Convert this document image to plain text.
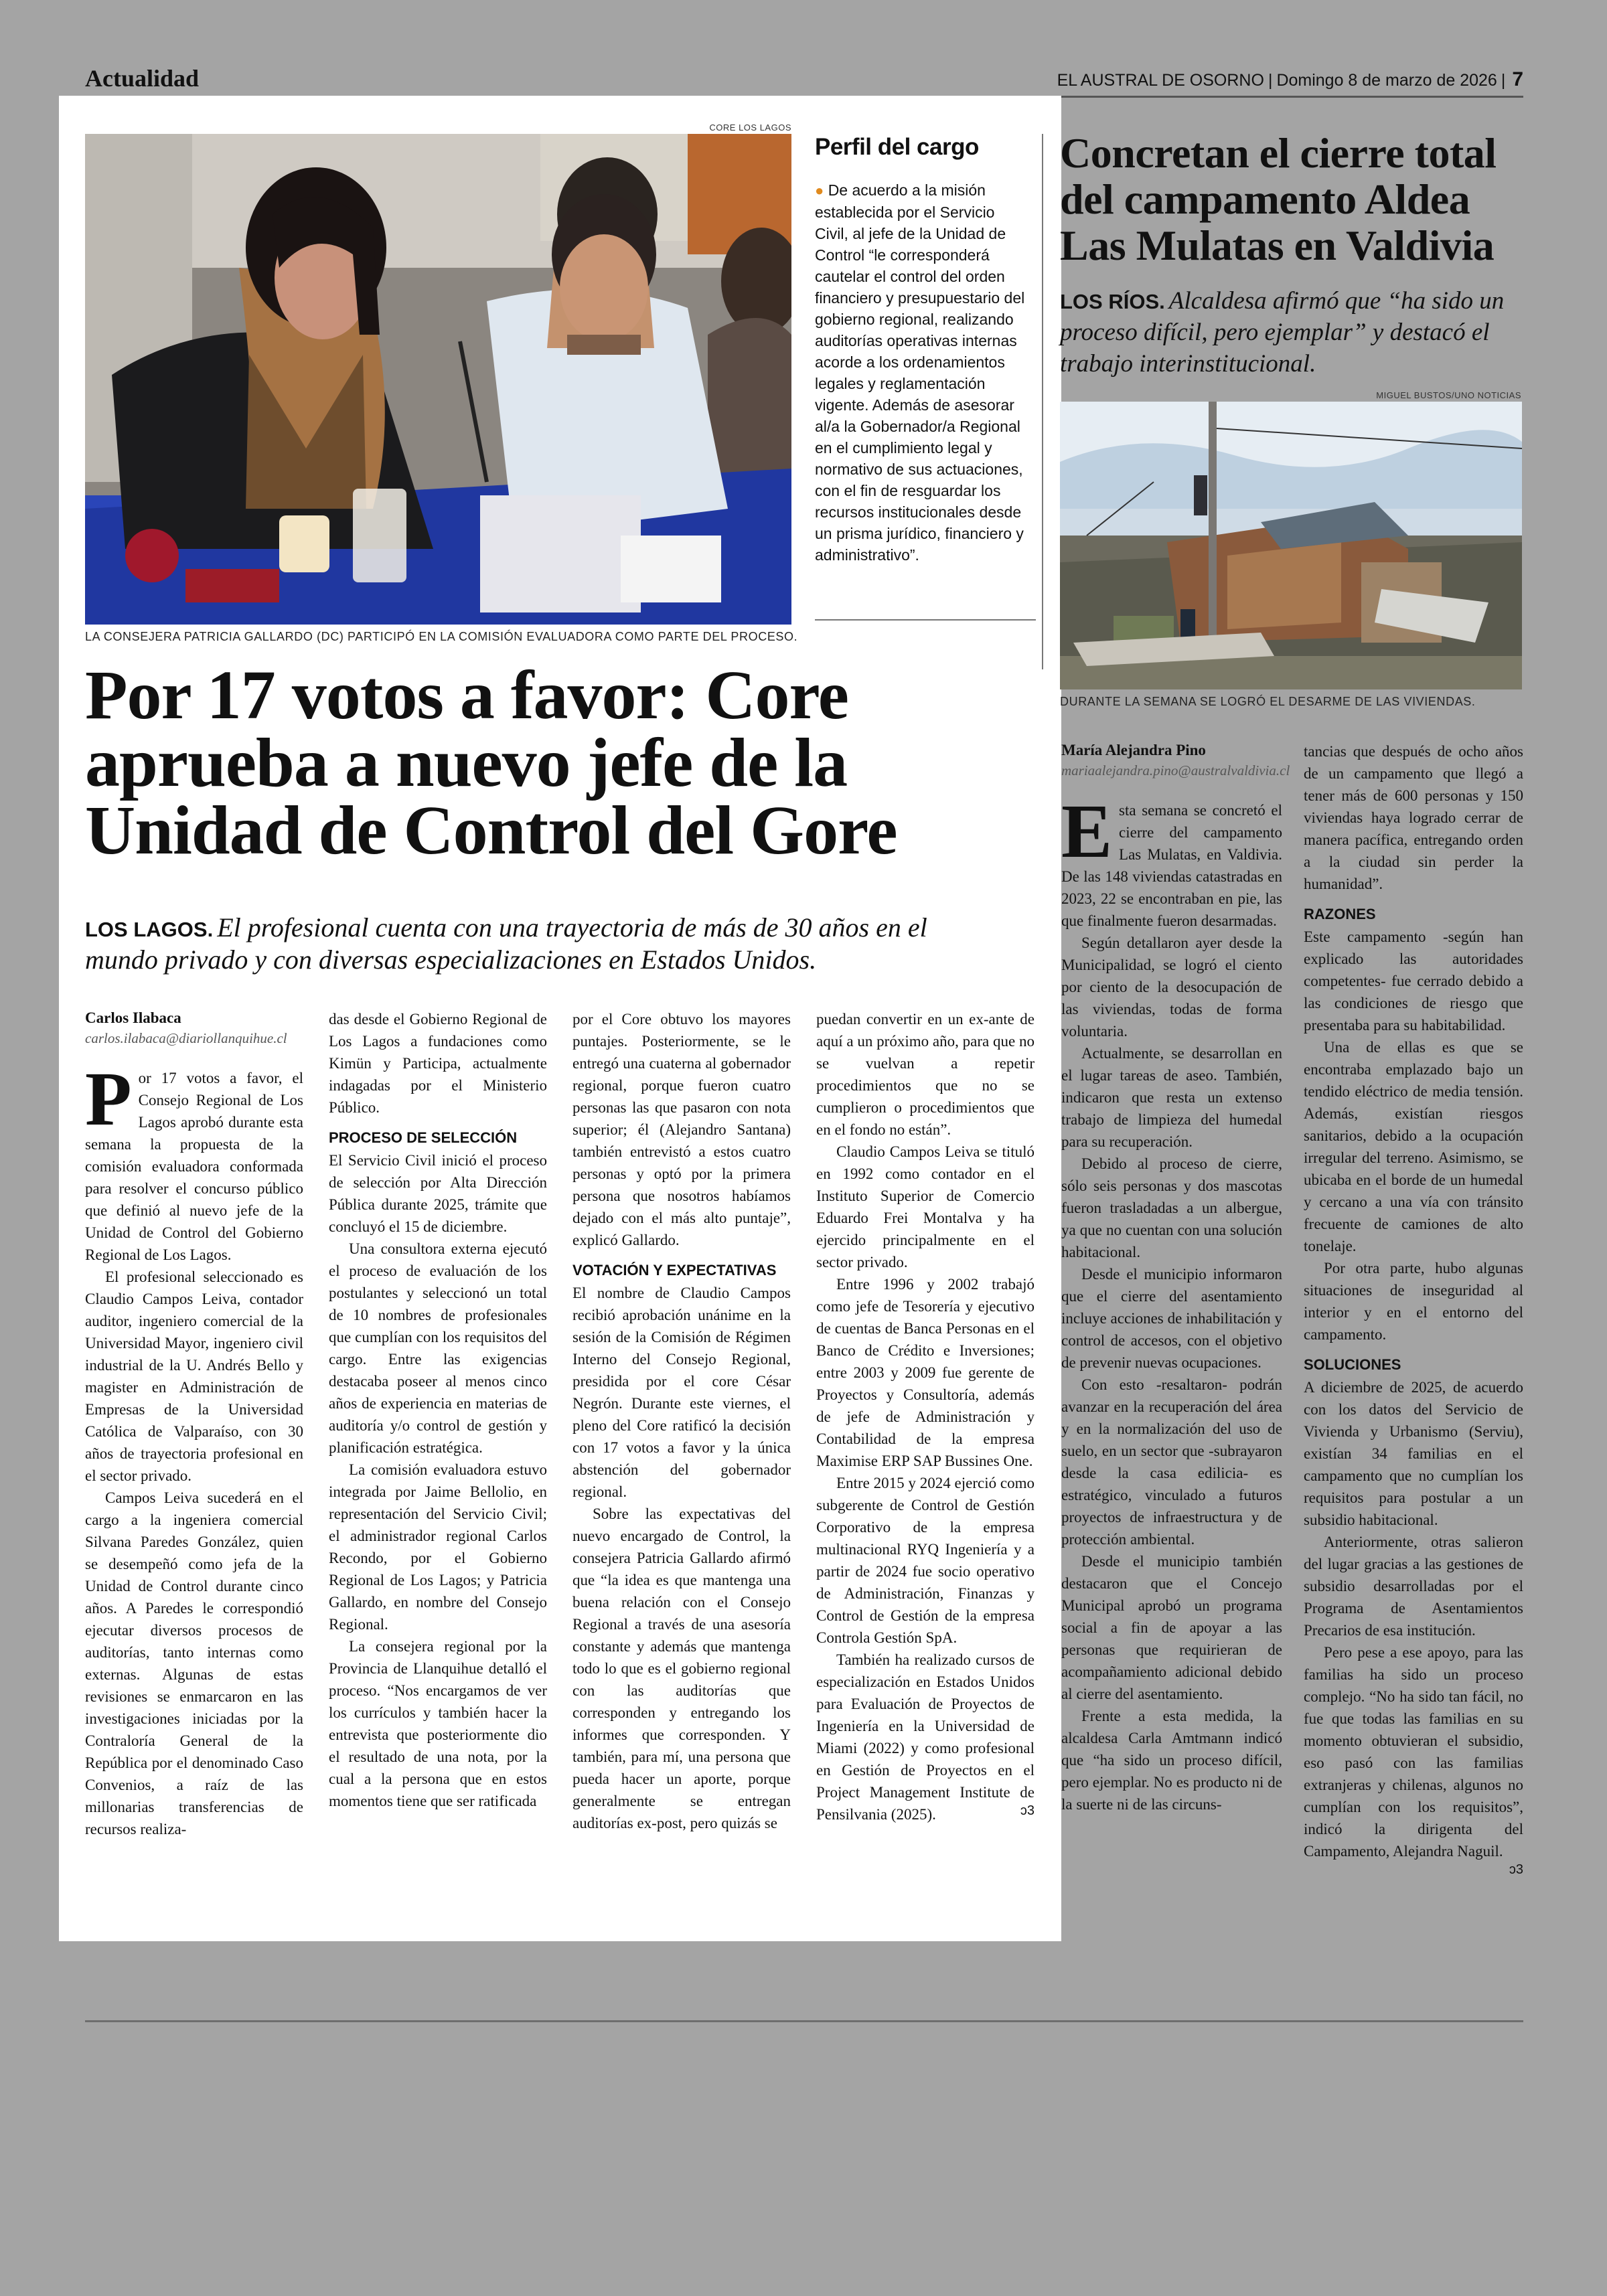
Actualidad	EL AUSTRAL DE OSORNO | Domingo 8 de marzo de 2026 | 7
CORE LOS LAGOS
LA CONSEJERA PATRICIA GALLARDO (DC) PARTICIPÓ EN LA COMISIÓN EVALUADORA COMO PARTE DEL PROCESO.
Perfil del cargo

● De acuerdo a la misión establecida por el Servicio Civil, al jefe de la Unidad de Control “le corresponderá cautelar el control del orden financiero y presupuestario del gobierno regional, realizando auditorías operativas internas acorde a los ordenamientos legales y reglamentación vigente. Además de asesorar al/a la Gobernador/a Regional en el cumplimiento legal y normativo de sus actuaciones, con el fin de resguardar los recursos institucionales desde un prisma jurídico, financiero y administrativo”.

Por 17 votos a favor: Core aprueba a nuevo jefe de la Unidad de Control del Gore
LOS LAGOS. El profesional cuenta con una trayectoria de más de 30 años en el mundo privado y con diversas especializaciones en Estados Unidos.

Carlos Ilabaca

carlos.ilabaca@diariollanquihue.cl

Por 17 votos a favor, el Consejo Regional de Los Lagos aprobó durante esta semana la propuesta de la comisión evaluadora conformada para resolver el concurso público que definió al nuevo jefe de la Unidad de Control del Gobierno Regional de Los Lagos.

El profesional seleccionado es Claudio Campos Leiva, contador auditor, ingeniero comercial de la Universidad Mayor, ingeniero civil industrial de la U. Andrés Bello y magister en Administración de Empresas de la Universidad Católica de Valparaíso, con 30 años de trayectoria profesional en el sector privado.

Campos Leiva sucederá en el cargo a la ingeniera comercial Silvana Paredes González, quien se desempeñó como jefa de la Unidad de Control durante cinco años. A Paredes le correspondió ejecutar diversos procesos de auditorías, tanto internas como externas. Algunas de estas revisiones se enmarcaron en las investigaciones iniciadas por la Contraloría General de la República por el denominado Caso Convenios, a raíz de las millonarias transferencias de recursos realiza-

das desde el Gobierno Regional de Los Lagos a fundaciones como Kimün y Participa, actualmente indagadas por el Ministerio Público.

PROCESO DE SELECCIÓN

El Servicio Civil inició el proceso de selección por Alta Dirección Pública durante 2025, trámite que concluyó el 15 de diciembre.

Una consultora externa ejecutó el proceso de evaluación de los postulantes y seleccionó un total de 10 nombres de profesionales que cumplían con los requisitos del cargo. Entre las exigencias destacaba poseer al menos cinco años de experiencia en materias de auditoría y/o control de gestión y planificación estratégica.

La comisión evaluadora estuvo integrada por Jaime Bellolio, en representación del Servicio Civil; el administrador regional Carlos Recondo, por el Gobierno Regional de Los Lagos; y Patricia Gallardo, en nombre del Consejo Regional.

La consejera regional por la Provincia de Llanquihue detalló el proceso. “Nos encargamos de ver los currículos y también hacer la entrevista que posteriormente dio el resultado de una nota, por la cual a la persona que en estos momentos tiene que ser ratificada

por el Core obtuvo los mayores puntajes. Posteriormente, se le entregó una cuaterna al gobernador regional, porque fueron cuatro personas las que pasaron con nota superior; él (Alejandro Santana) también entrevistó a estos cuatro personas y optó por la primera persona que nosotros habíamos dejado con el más alto puntaje”, explicó Gallardo.

VOTACIÓN Y EXPECTATIVAS

El nombre de Claudio Campos recibió aprobación unánime en la sesión de la Comisión de Régimen Interno del Consejo Regional, presidida por el core César Negrón. Durante este viernes, el pleno del Core ratificó la decisión con 17 votos a favor y la única abstención del gobernador regional.

Sobre las expectativas del nuevo encargado de Control, la consejera Patricia Gallardo afirmó que “la idea es que mantenga una buena relación con el Consejo Regional a través de una asesoría constante y además que mantenga todo lo que es el gobierno regional con las auditorías que corresponden y entregando los informes que corresponden. Y también, para mí, una persona que pueda hacer un aporte, porque generalmente se entregan auditorías ex-post, pero quizás se

puedan convertir en un ex-ante de aquí a un próximo año, para que no se vuelvan a repetir procedimientos que no se cumplieron o procedimientos que en el fondo no están”.

Claudio Campos Leiva se tituló en 1992 como contador en el Instituto Superior de Comercio Eduardo Frei Montalva y ha ejercido principalmente en el sector privado.

Entre 1996 y 2002 trabajó como jefe de Tesorería y ejecutivo de cuentas de Banca Personas en el Banco de Crédito e Inversiones; entre 2003 y 2009 fue gerente de Proyectos y Consultoría, además de jefe de Administración y Contabilidad de la empresa Maximise ERP SAP Bussines One.

Entre 2015 y 2024 ejerció como subgerente de Control de Gestión Corporativo de la empresa multinacional RYQ Ingeniería y a partir de 2024 fue socio operativo de Administración, Finanzas y Control de Gestión de la empresa Controla Gestión SpA.

También ha realizado cursos de especialización en Estados Unidos para Evaluación de Proyectos de Ingeniería en la Universidad de Miami (2022) y como profesional en Gestión de Proyectos en el Project Management Institute de Pensilvania (2025).	ↄ3

Concretan el cierre total del campamento Aldea Las Mulatas en Valdivia
LOS RÍOS. Alcaldesa afirmó que “ha sido un proceso difícil, pero ejemplar” y destacó el trabajo interinstitucional.
MIGUEL BUSTOS/UNO NOTICIAS
DURANTE LA SEMANA SE LOGRÓ EL DESARME DE LAS VIVIENDAS.

María Alejandra Pino

mariaalejandra.pino@australvaldivia.cl

Esta semana se concretó el cierre del campamento Las Mulatas, en Valdivia. De las 148 viviendas catastradas en 2023, 22 se encontraban en pie, las que finalmente fueron desarmadas.

Según detallaron ayer desde la Municipalidad, se logró el ciento por ciento de la desocupación de las viviendas, todas de forma voluntaria.

Actualmente, se desarrollan en el lugar tareas de aseo. También, indicaron que resta un extenso trabajo de limpieza del humedal para su recuperación.

Debido al proceso de cierre, sólo seis personas y dos mascotas fueron trasladadas a un albergue, ya que no cuentan con una solución habitacional.

Desde el municipio informaron que el cierre del asentamiento incluye acciones de inhabilitación y control de accesos, con el objetivo de prevenir nuevas ocupaciones.

Con esto -resaltaron- podrán avanzar en la recuperación del área y en la normalización del uso de suelo, en un sector que -subrayaron desde la casa edilicia- es estratégico, vinculado a futuros proyectos de infraestructura y de protección ambiental.

Desde el municipio también destacaron que el Concejo Municipal aprobó un programa social a fin de apoyar a las personas que requirieran de acompañamiento adicional debido al cierre del asentamiento.

Frente a esta medida, la alcaldesa Carla Amtmann indicó que “ha sido un proceso difícil, pero ejemplar. No es producto ni de la suerte ni de las circuns-

tancias que después de ocho años de un campamento que llegó a tener más de 600 personas y 150 viviendas haya logrado cerrar de manera pacífica, entregando orden a la ciudad sin perder la humanidad”.

RAZONES

Este campamento -según han explicado las autoridades competentes- fue cerrado debido a las condiciones de riesgo que presentaba para su habitabilidad.

Una de ellas es que se encontraba emplazado bajo un tendido eléctrico de media tensión. Además, existían riesgos sanitarios, debido a la ocupación irregular del terreno. Asimismo, se ubicaba en el borde de un humedal y cercano a una vía con tránsito frecuente de camiones de alto tonelaje.

Por otra parte, hubo algunas situaciones de inseguridad al interior y en el entorno del campamento.

SOLUCIONES

A diciembre de 2025, de acuerdo con los datos del Servicio de Vivienda y Urbanismo (Serviu), existían 34 familias en el campamento que no cumplían los requisitos para postular a un subsidio habitacional.

Anteriormente, otras salieron del lugar gracias a las gestiones de subsidio desarrolladas por el Programa de Asentamientos Precarios de esa institución.

Pero pese a ese apoyo, para las familias ha sido un proceso complejo. “No ha sido tan fácil, no fue que todas las familias en su momento obtuvieran el subsidio, eso pasó con las familias extranjeras y chilenas, algunos no cumplían con los requisitos”, indicó la dirigenta del Campamento, Alejandra Naguil.
ↄ3
